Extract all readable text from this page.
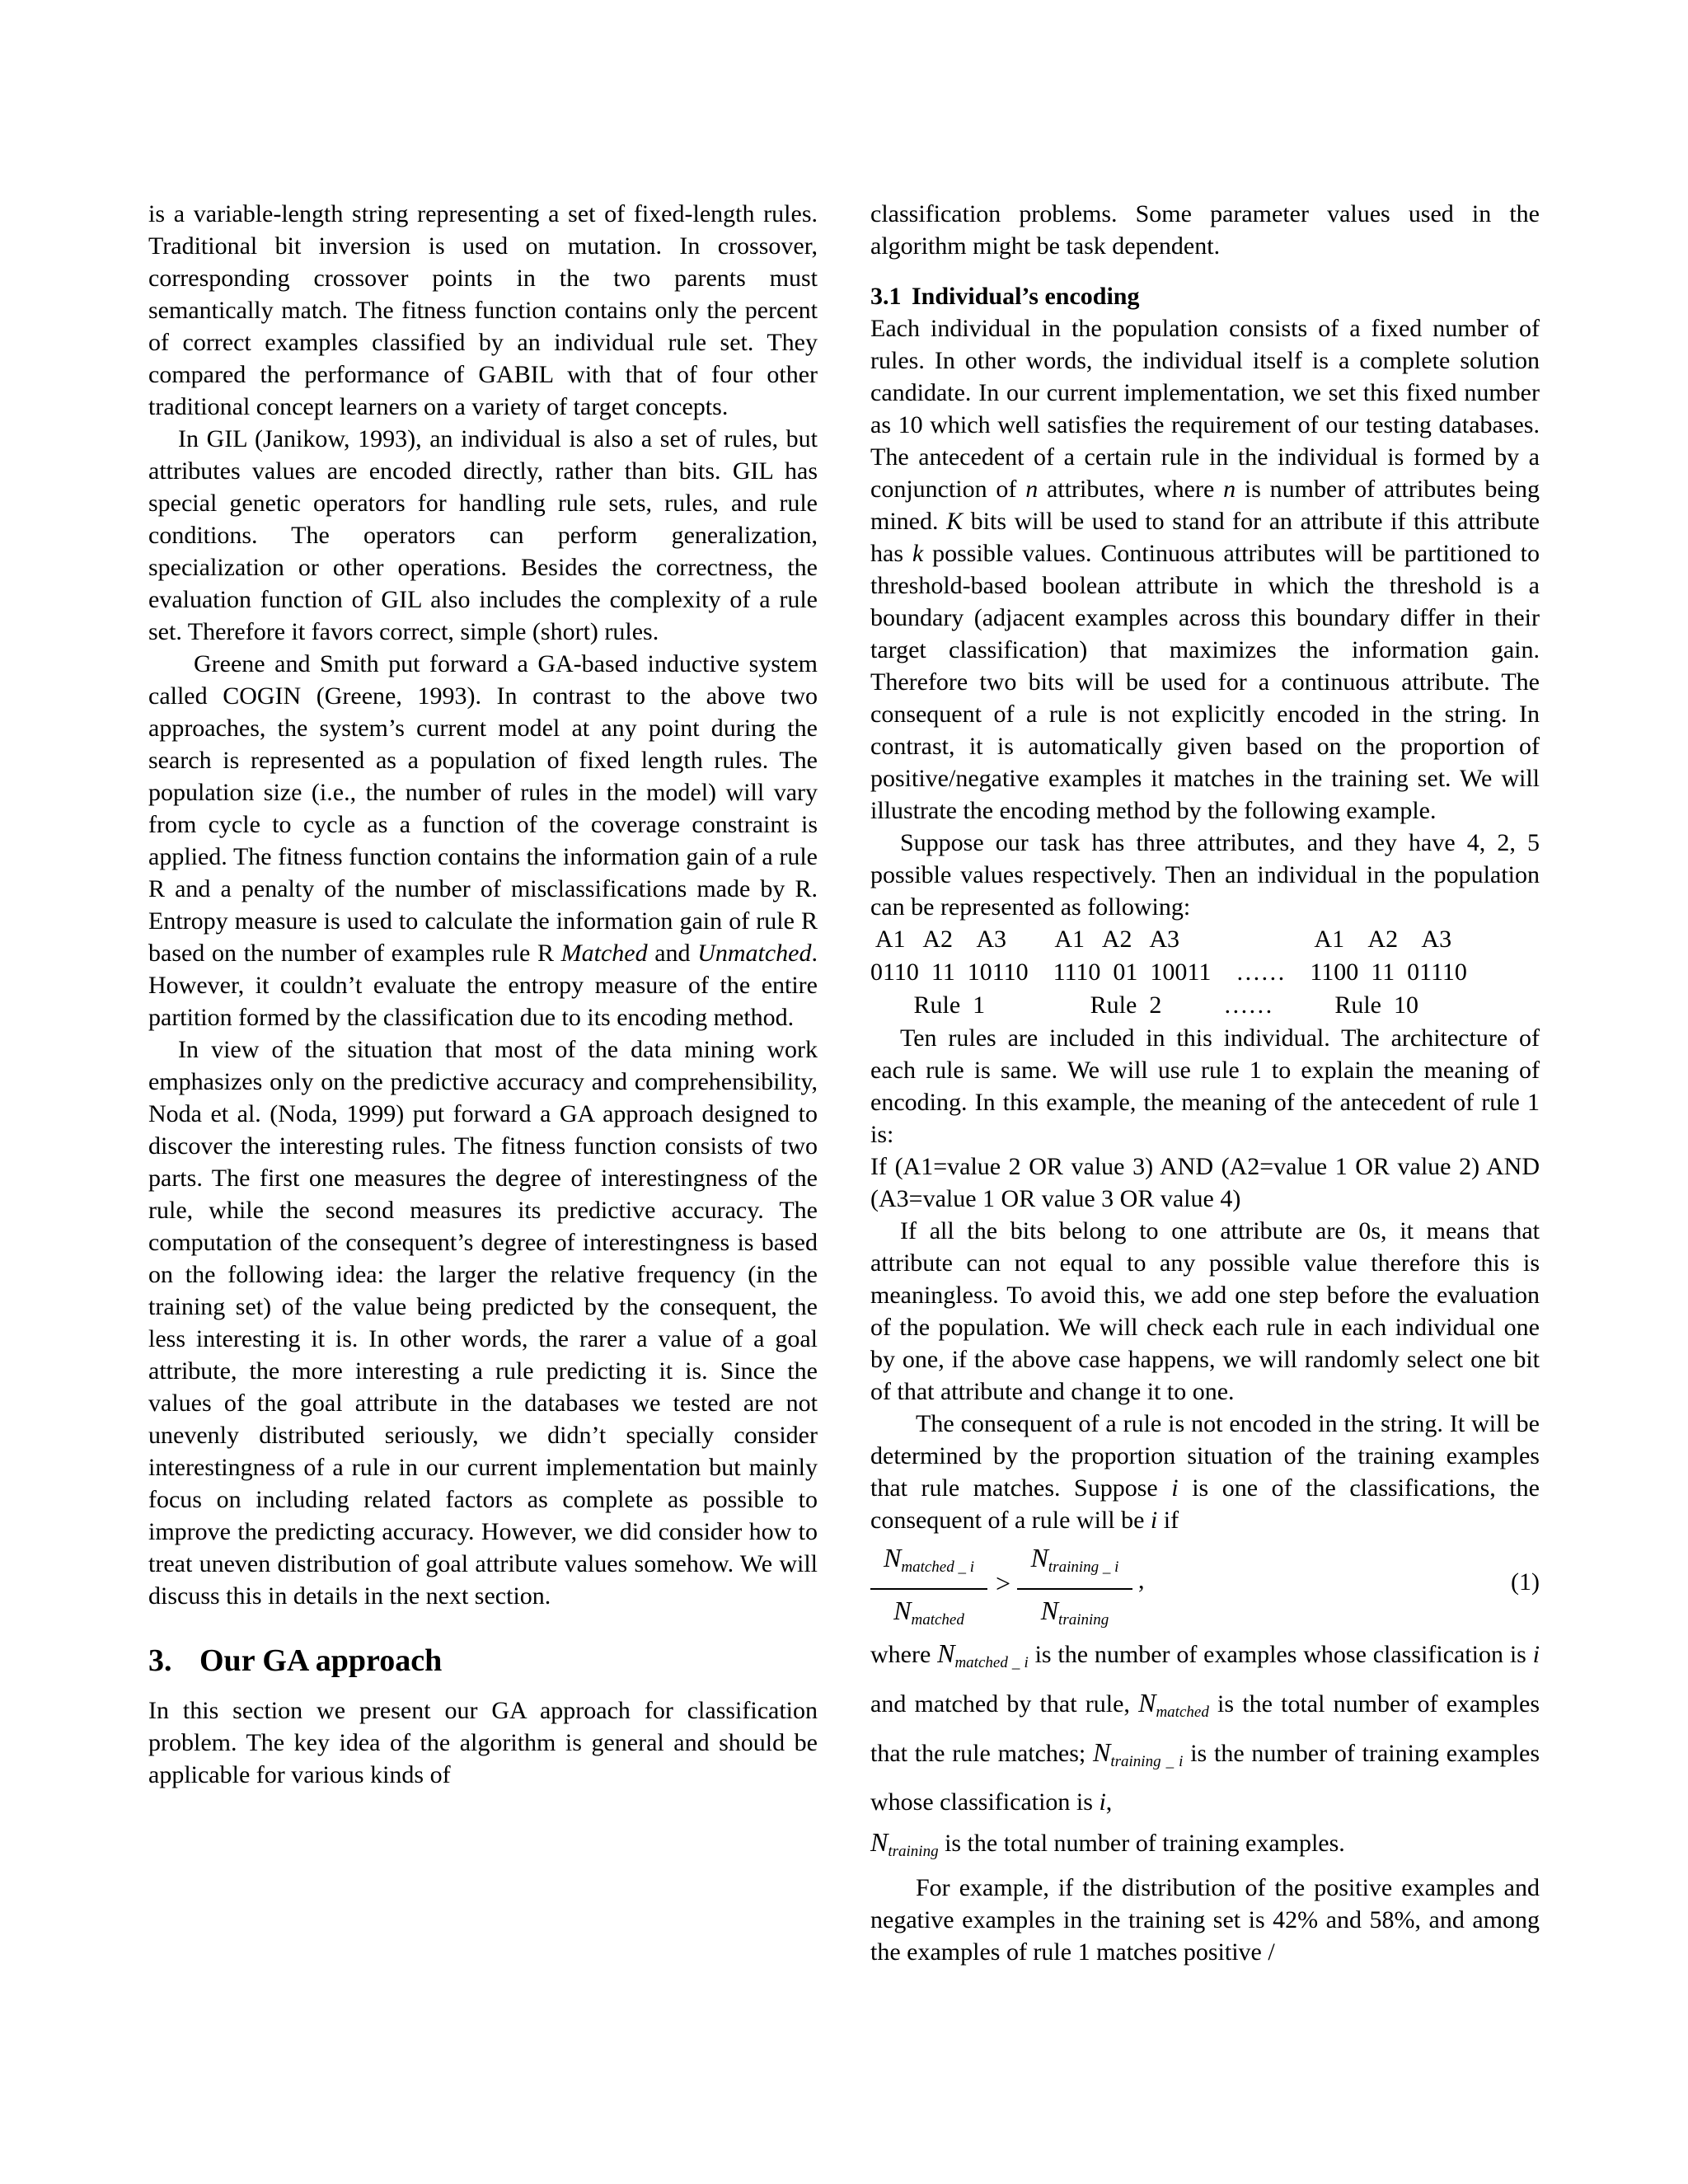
is a variable-length string representing a set of fixed-length rules. Traditional bit inversion is used on mutation. In crossover, corresponding crossover points in the two parents must semantically match. The fitness function contains only the percent of correct examples classified by an individual rule set. They compared the performance of GABIL with that of four other traditional concept learners on a variety of target concepts.

In GIL (Janikow, 1993), an individual is also a set of rules, but attributes values are encoded directly, rather than bits. GIL has special genetic operators for handling rule sets, rules, and rule conditions. The operators can perform generalization, specialization or other operations. Besides the correctness, the evaluation function of GIL also includes the complexity of a rule set. Therefore it favors correct, simple (short) rules.

Greene and Smith put forward a GA-based inductive system called COGIN (Greene, 1993). In contrast to the above two approaches, the system’s current model at any point during the search is represented as a population of fixed length rules. The population size (i.e., the number of rules in the model) will vary from cycle to cycle as a function of the coverage constraint is applied. The fitness function contains the information gain of a rule R and a penalty of the number of misclassifications made by R. Entropy measure is used to calculate the information gain of rule R based on the number of examples rule R Matched and Unmatched. However, it couldn’t evaluate the entropy measure of the entire partition formed by the classification due to its encoding method.

In view of the situation that most of the data mining work emphasizes only on the predictive accuracy and comprehensibility, Noda et al. (Noda, 1999) put forward a GA approach designed to discover the interesting rules. The fitness function consists of two parts. The first one measures the degree of interestingness of the rule, while the second measures its predictive accuracy. The computation of the consequent’s degree of interestingness is based on the following idea: the larger the relative frequency (in the training set) of the value being predicted by the consequent, the less interesting it is. In other words, the rarer a value of a goal attribute, the more interesting a rule predicting it is. Since the values of the goal attribute in the databases we tested are not unevenly distributed seriously, we didn’t specially consider interestingness of a rule in our current implementation but mainly focus on including related factors as complete as possible to improve the predicting accuracy. However, we did consider how to treat uneven distribution of goal attribute values somehow. We will discuss this in details in the next section.

3. Our GA approach

In this section we present our GA approach for classification problem. The key idea of the algorithm is general and should be applicable for various kinds of

classification problems. Some parameter values used in the algorithm might be task dependent.

3.1 Individual’s encoding

Each individual in the population consists of a fixed number of rules. In other words, the individual itself is a complete solution candidate. In our current implementation, we set this fixed number as 10 which well satisfies the requirement of our testing databases. The antecedent of a certain rule in the individual is formed by a conjunction of n attributes, where n is number of attributes being mined. K bits will be used to stand for an attribute if this attribute has k possible values. Continuous attributes will be partitioned to threshold-based boolean attribute in which the threshold is a boundary (adjacent examples across this boundary differ in their target classification) that maximizes the information gain. Therefore two bits will be used for a continuous attribute. The consequent of a rule is not explicitly encoded in the string. In contrast, it is automatically given based on the proportion of positive/negative examples it matches in the training set. We will illustrate the encoding method by the following example.

Suppose our task has three attributes, and they have 4, 2, 5 possible values respectively. Then an individual in the population can be represented as following:

A1   A2    A3        A1   A2   A3                      A1    A2    A3
0110  11  10110    1110  01  10011    ……    1100  11  01110
Rule  1                 Rule  2          ……          Rule  10

Ten rules are included in this individual. The architecture of each rule is same. We will use rule 1 to explain the meaning of encoding. In this example, the meaning of the antecedent of rule 1 is:

If (A1=value 2 OR value 3) AND (A2=value 1 OR value 2) AND (A3=value 1 OR value 3 OR value 4)

If all the bits belong to one attribute are 0s, it means that attribute can not equal to any possible value therefore this is meaningless. To avoid this, we add one step before the evaluation of the population. We will check each rule in each individual one by one, if the above case happens, we will randomly select one bit of that attribute and change it to one.

The consequent of a rule is not encoded in the string. It will be determined by the proportion situation of the training examples that rule matches. Suppose i is one of the classifications, the consequent of a rule will be i if

$N_{matched \_ i}$
$N_{matched}$
>
$N_{training \_ i}$
$N_{training}$
,	(1)

where $N_{matched \_ i}$ is the number of examples whose classification is i and matched by that rule, $N_{matched}$ is the total number of examples that the rule matches; $N_{training \_ i}$ is the number of training examples whose classification is i,
$N_{training}$ is the total number of training examples.

For example, if the distribution of the positive examples and negative examples in the training set is 42% and 58%, and among the examples of rule 1 matches positive /
